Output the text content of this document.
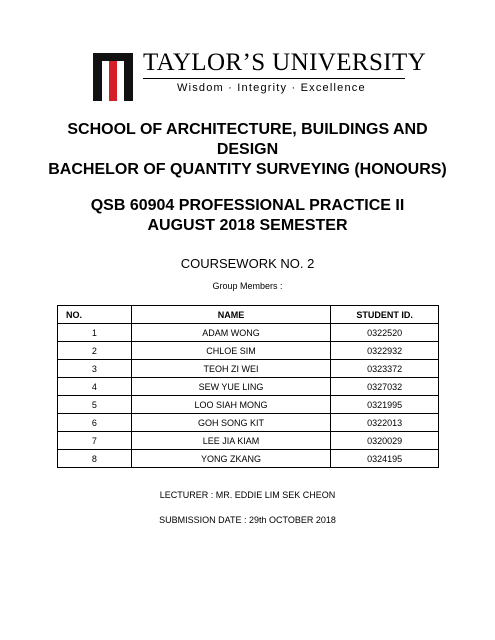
TAYLOR’S UNIVERSITY
Wisdom · Integrity · Excellence
SCHOOL OF ARCHITECTURE, BUILDINGS AND DESIGN
BACHELOR OF QUANTITY SURVEYING (HONOURS)
QSB 60904 PROFESSIONAL PRACTICE II
AUGUST 2018 SEMESTER
COURSEWORK NO. 2
Group Members :
NO.	NAME	STUDENT ID.
1	ADAM WONG	0322520
2	CHLOE SIM	0322932
3	TEOH ZI WEI	0323372
4	SEW YUE LING	0327032
5	LOO SIAH MONG	0321995
6	GOH SONG KIT	0322013
7	LEE JIA KIAM	0320029
8	YONG ZKANG	0324195
LECTURER : MR. EDDIE LIM SEK CHEON
SUBMISSION DATE : 29th OCTOBER 2018
